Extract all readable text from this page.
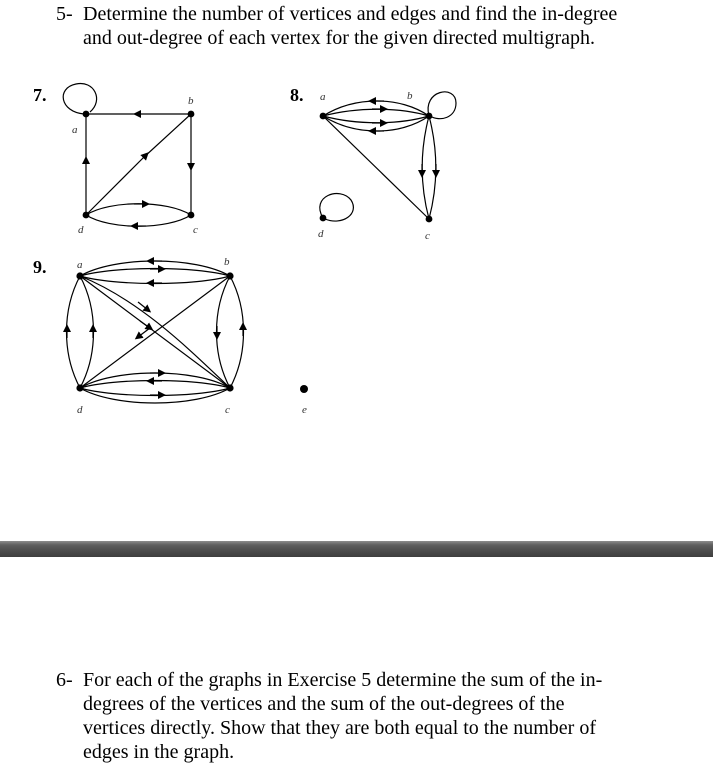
5- Determine the number of vertices and edges and find the in-degree
and out-degree of each vertex for the given directed multigraph.
7.	8.
9.
a
b
c
d
a	b
c
d
a	b
c
d	e
6- For each of the graphs in Exercise 5 determine the sum of the in-
degrees of the vertices and the sum of the out-degrees of the
vertices directly. Show that they are both equal to the number of
edges in the graph.
